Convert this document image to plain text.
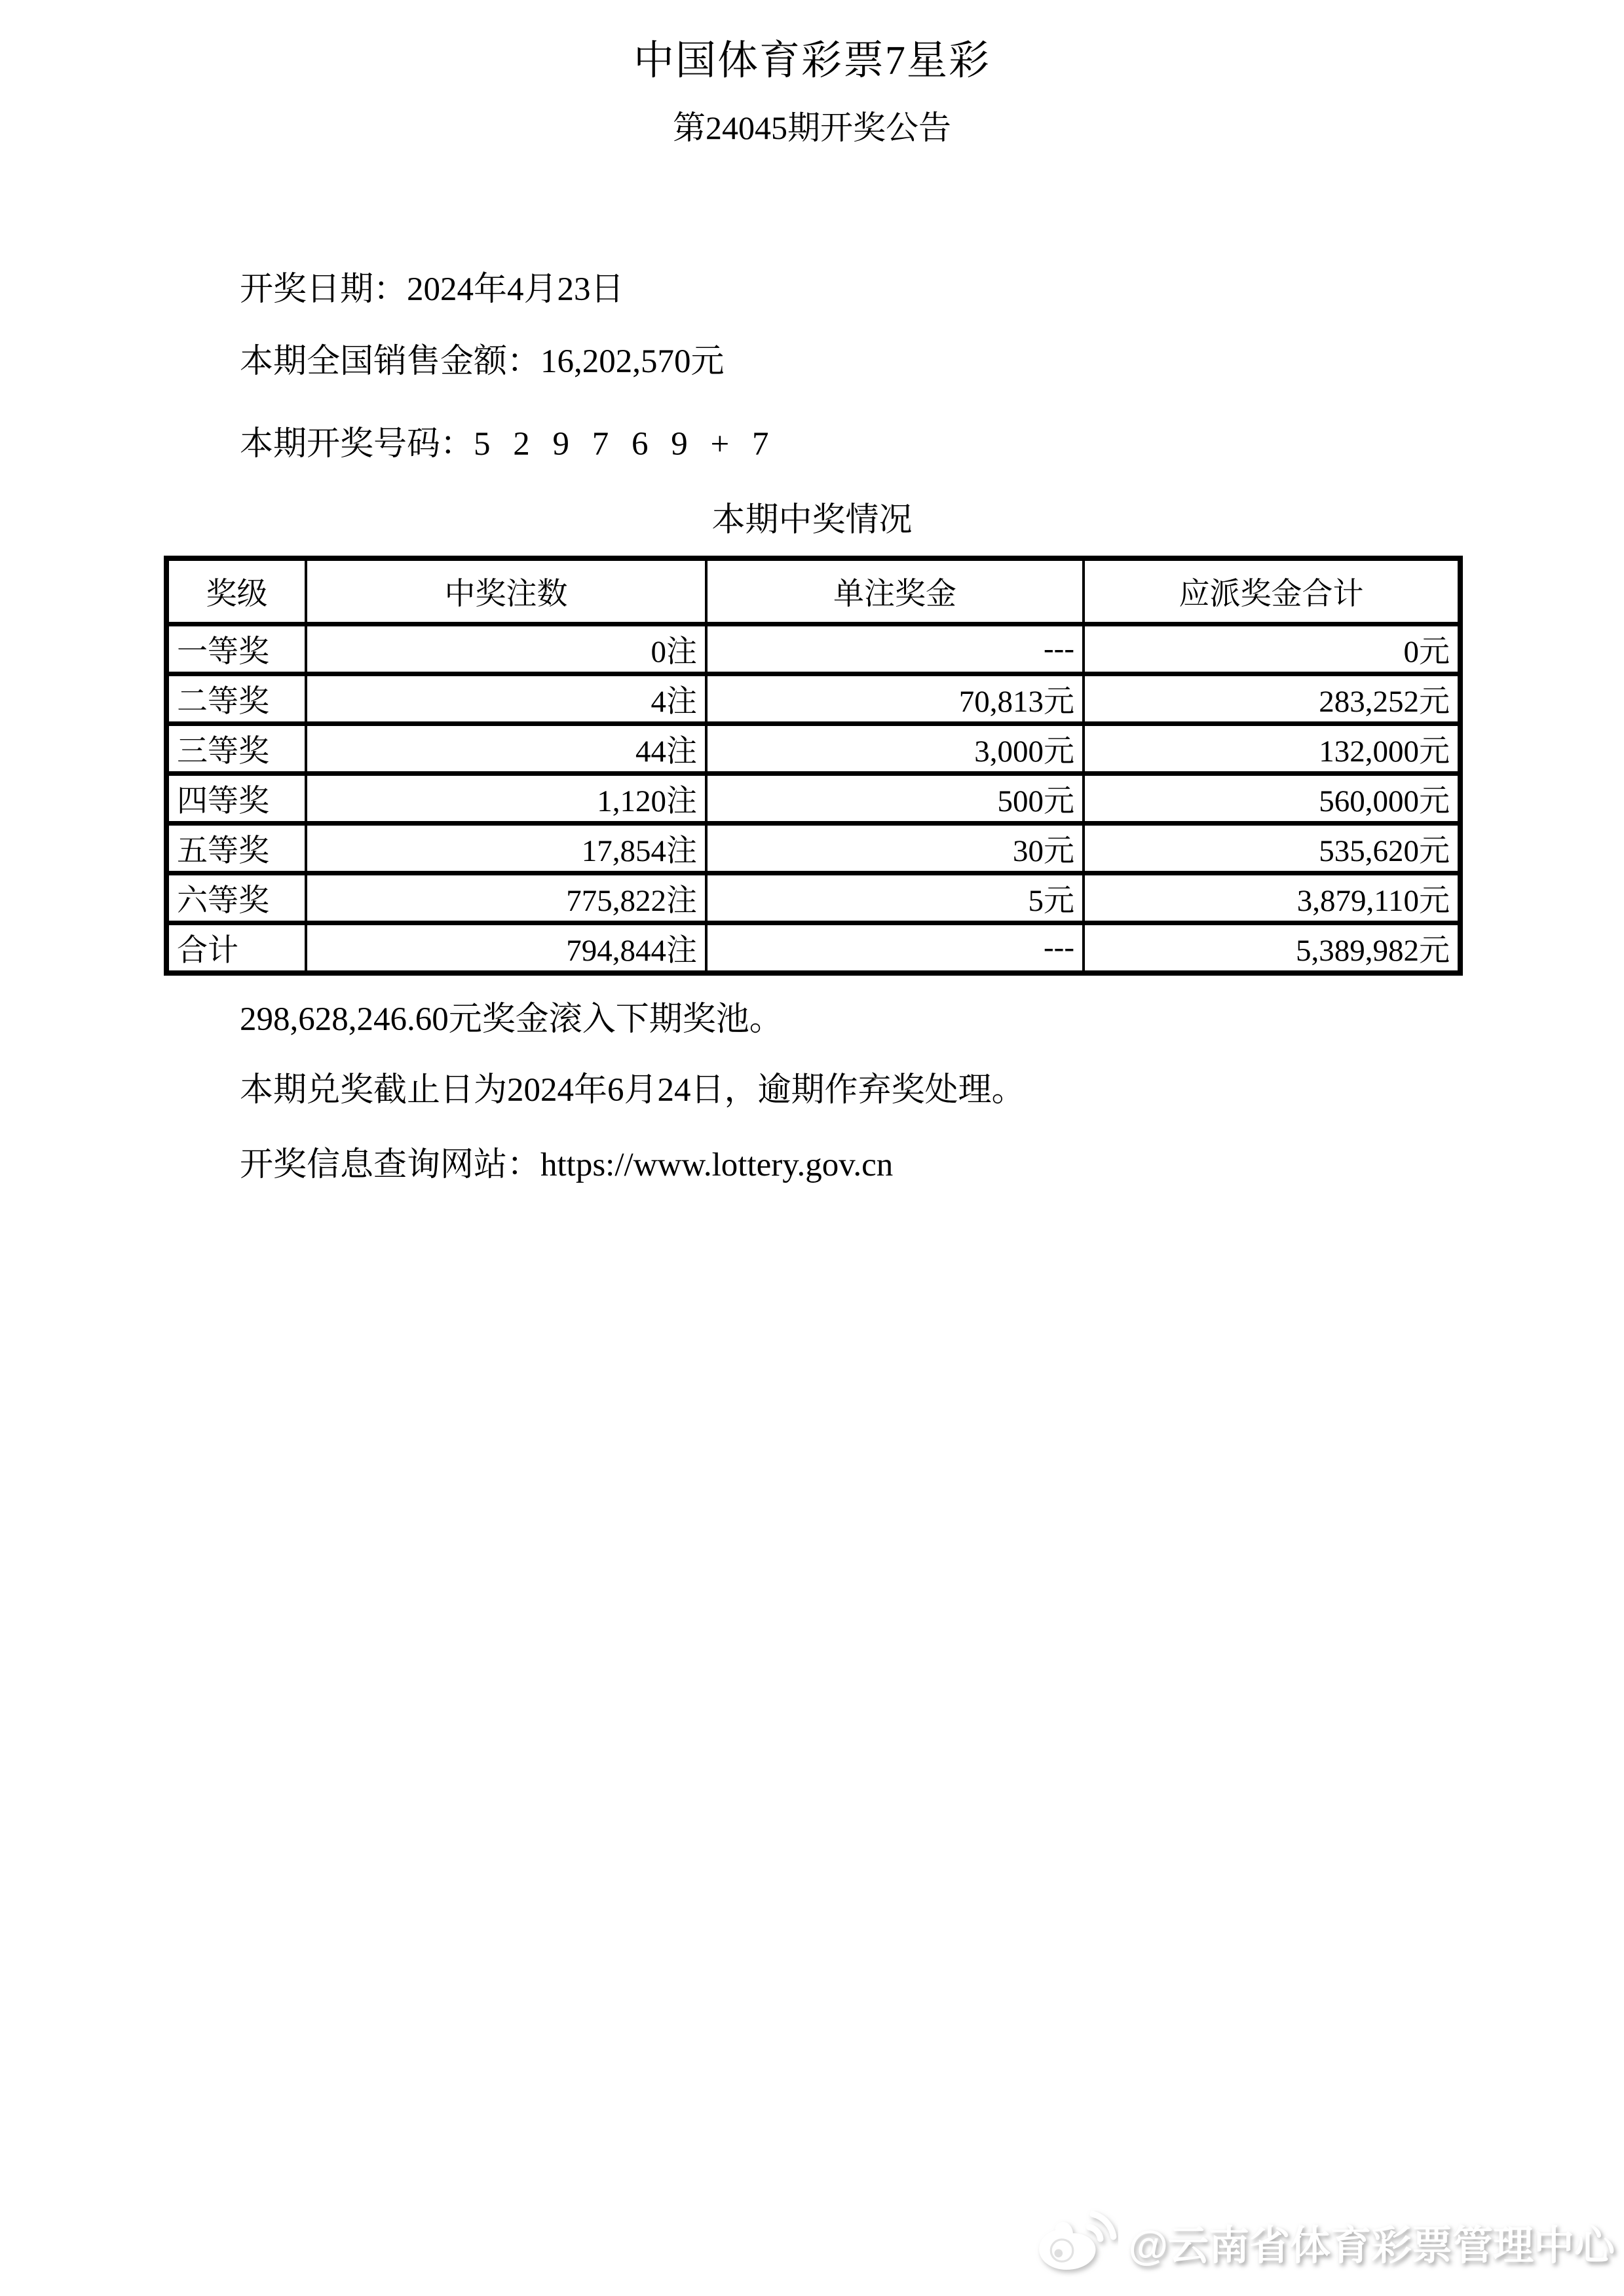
中国体育彩票7星彩
第24045期开奖公告
开奖日期：2024年4月23日
本期全国销售金额：16,202,570元
本期开奖号码：5 2 9 7 6 9 + 7
本期中奖情况
奖级	中奖注数	单注奖金	应派奖金合计
一等奖	0注	---	0元
二等奖	4注	70,813元	283,252元
三等奖	44注	3,000元	132,000元
四等奖	1,120注	500元	560,000元
五等奖	17,854注	30元	535,620元
六等奖	775,822注	5元	3,879,110元
合计	794,844注	---	5,389,982元
298,628,246.60元奖金滚入下期奖池。
本期兑奖截止日为2024年6月24日，逾期作弃奖处理。
开奖信息查询网站：https://www.lottery.gov.cn
@云南省体育彩票管理中心
